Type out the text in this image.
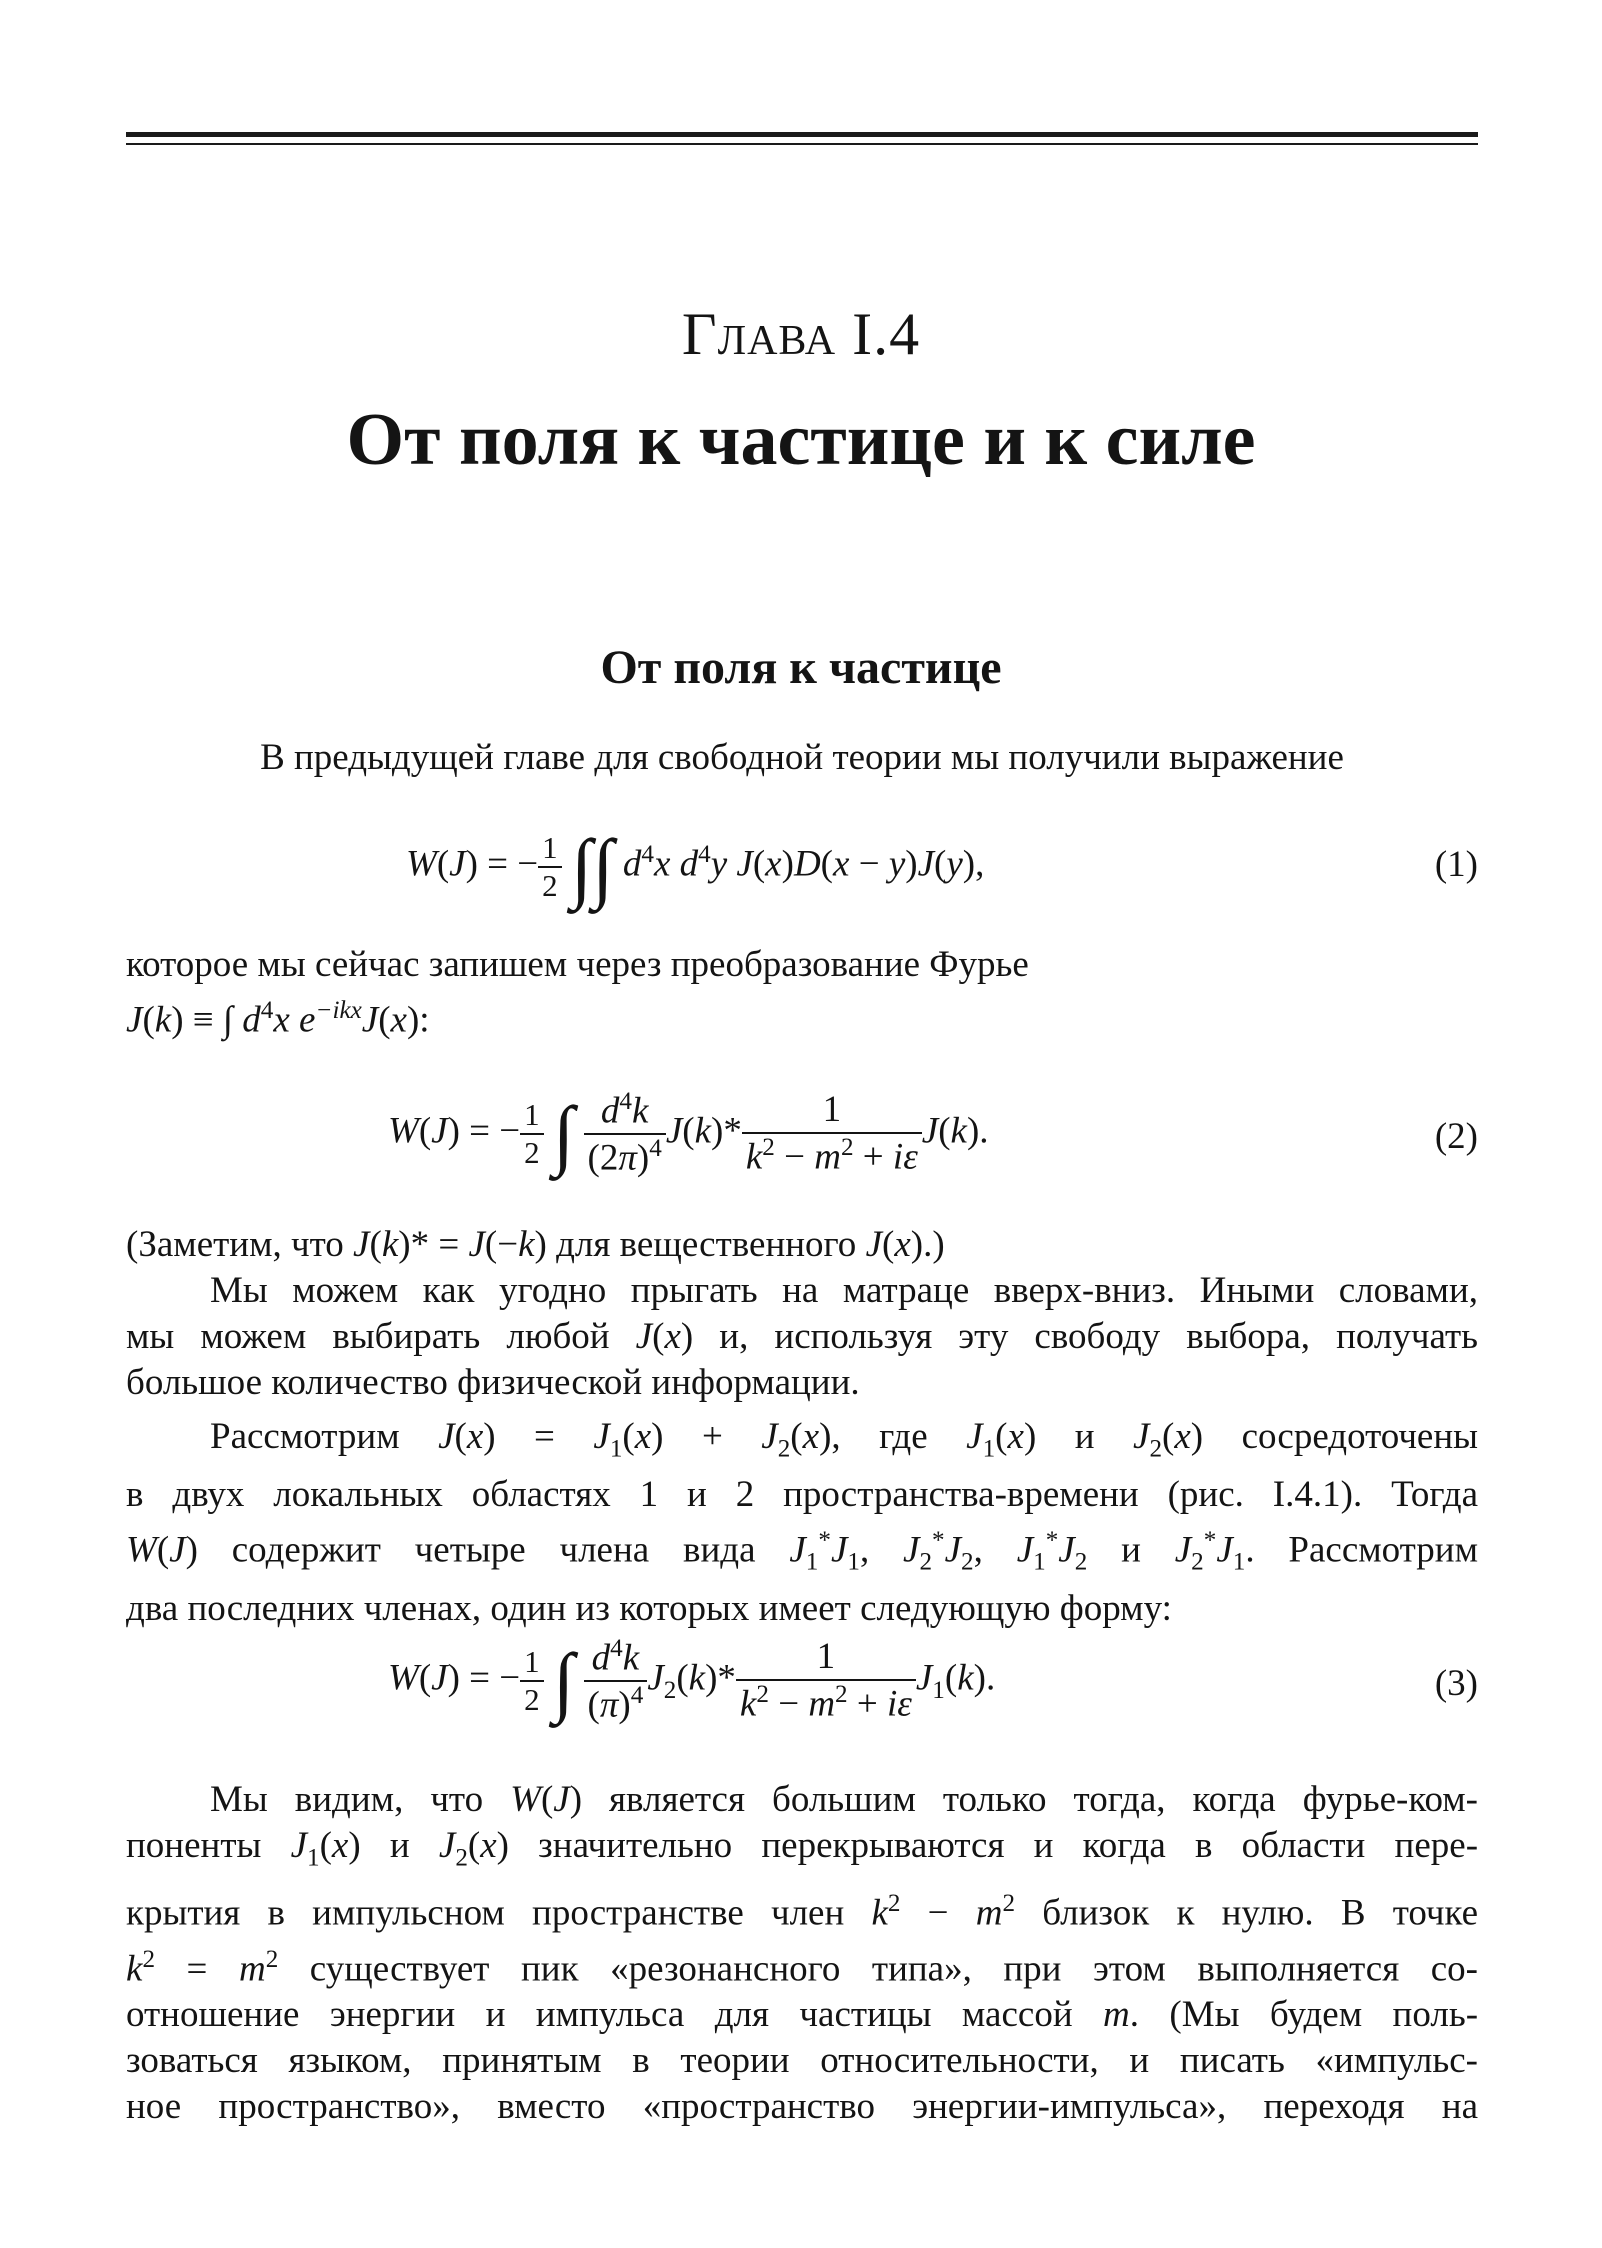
Глава I.4
От поля к частице и к силе
От поля к частице
В предыдущей главе для свободной теории мы получили выражение
W(J) = − $\frac{1}{2}$ ∫∫ $d^4x$ $d^4y$ J(x)D(x − y)J(y),	(1)
которое мы сейчас запишем через преобразование Фурье
J(k) ≡ ∫ $d^4x$ $e^{-ikx}J(x)$:
W(J) = − $\frac{1}{2}$ ∫ $\frac{d^4k}{(2\pi)^4} J(k)* \frac{1}{k^2 - m^2 + i\varepsilon} J(k)$.	(2)
(Заметим, что J(k)* = J(−k) для вещественного J(x).)
Мы можем как угодно прыгать на матраце вверх-вниз. Иными словами,
мы можем выбирать любой J(x) и, используя эту свободу выбора, получать
большое количество физической информации.
Рассмотрим $J(x) = J_1(x) + J_2(x)$, где $J_1(x)$ и $J_2(x)$ сосредоточены
в двух локальных областях 1 и 2 пространства-времени (рис. I.4.1). Тогда
W(J) содержит четыре члена вида $J_1^*J_1$, $J_2^*J_2$, $J_1^*J_2$ и $J_2^*J_1$. Рассмотрим
два последних членах, один из которых имеет следующую форму:
W(J) = − $\frac{1}{2}$ ∫ $\frac{d^4k}{(\pi)^4} J_2(k)* \frac{1}{k^2 - m^2 + i\varepsilon} J_1(k)$.	(3)
Мы видим, что W(J) является большим только тогда, когда фурье-ком-
поненты $J_1(x)$ и $J_2(x)$ значительно перекрываются и когда в области пере-
крытия в импульсном пространстве член $k^2 - m^2$ близок к нулю. В точке
$k^2 = m^2$ существует пик «резонансного типа», при этом выполняется со-
отношение энергии и импульса для частицы массой m. (Мы будем поль-
зоваться языком, принятым в теории относительности, и писать «импульс-
ное пространство», вместо «пространство энергии-импульса», переходя на
